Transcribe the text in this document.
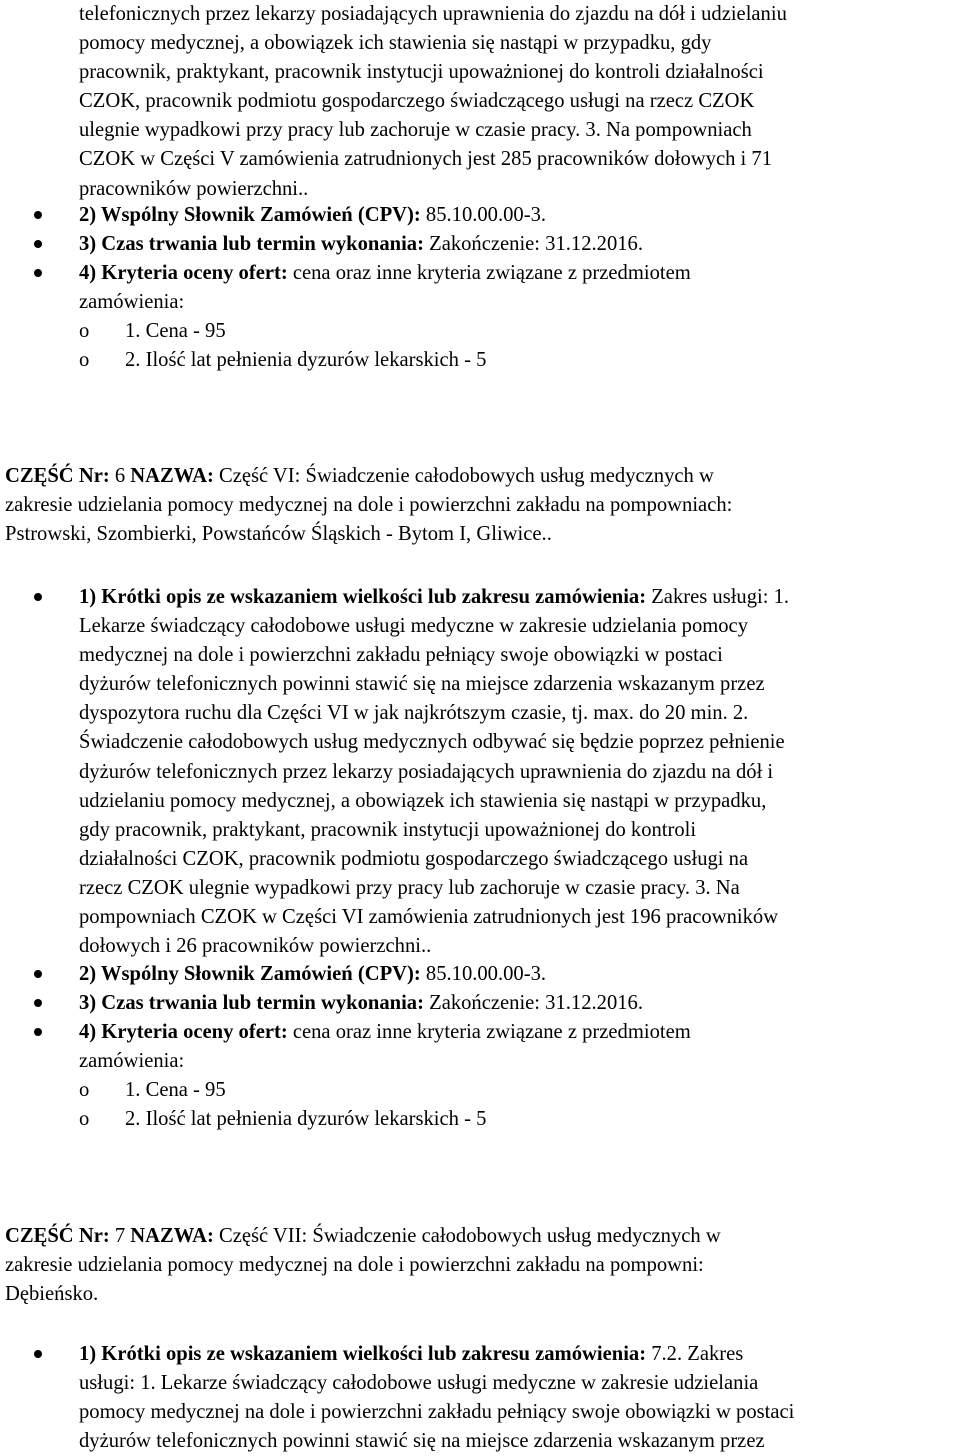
telefonicznych przez lekarzy posiadających uprawnienia do zjazdu na dół i udzielaniu
pomocy medycznej, a obowiązek ich stawienia się nastąpi w przypadku, gdy
pracownik, praktykant, pracownik instytucji upoważnionej do kontroli działalności
CZOK, pracownik podmiotu gospodarczego świadczącego usługi na rzecz CZOK
ulegnie wypadkowi przy pracy lub zachoruje w czasie pracy. 3. Na pompowniach
CZOK w Części V zamówienia zatrudnionych jest 285 pracowników dołowych i 71
pracowników powierzchni..
2) Wspólny Słownik Zamówień (CPV): 85.10.00.00-3.
3) Czas trwania lub termin wykonania: Zakończenie: 31.12.2016.
4) Kryteria oceny ofert: cena oraz inne kryteria związane z przedmiotem
zamówienia:
o 1. Cena - 95
o 2. Ilość lat pełnienia dyzurów lekarskich - 5
CZĘŚĆ Nr: 6 NAZWA: Część VI: Świadczenie całodobowych usług medycznych w
zakresie udzielania pomocy medycznej na dole i powierzchni zakładu na pompowniach:
Pstrowski, Szombierki, Powstańców Śląskich - Bytom I, Gliwice..
1) Krótki opis ze wskazaniem wielkości lub zakresu zamówienia: Zakres usługi: 1.
Lekarze świadczący całodobowe usługi medyczne w zakresie udzielania pomocy
medycznej na dole i powierzchni zakładu pełniący swoje obowiązki w postaci
dyżurów telefonicznych powinni stawić się na miejsce zdarzenia wskazanym przez
dyspozytora ruchu dla Części VI w jak najkrótszym czasie, tj. max. do 20 min. 2.
Świadczenie całodobowych usług medycznych odbywać się będzie poprzez pełnienie
dyżurów telefonicznych przez lekarzy posiadających uprawnienia do zjazdu na dół i
udzielaniu pomocy medycznej, a obowiązek ich stawienia się nastąpi w przypadku,
gdy pracownik, praktykant, pracownik instytucji upoważnionej do kontroli
działalności CZOK, pracownik podmiotu gospodarczego świadczącego usługi na
rzecz CZOK ulegnie wypadkowi przy pracy lub zachoruje w czasie pracy. 3. Na
pompowniach CZOK w Części VI zamówienia zatrudnionych jest 196 pracowników
dołowych i 26 pracowników powierzchni..
2) Wspólny Słownik Zamówień (CPV): 85.10.00.00-3.
3) Czas trwania lub termin wykonania: Zakończenie: 31.12.2016.
4) Kryteria oceny ofert: cena oraz inne kryteria związane z przedmiotem
zamówienia:
o 1. Cena - 95
o 2. Ilość lat pełnienia dyzurów lekarskich - 5
CZĘŚĆ Nr: 7 NAZWA: Część VII: Świadczenie całodobowych usług medycznych w
zakresie udzielania pomocy medycznej na dole i powierzchni zakładu na pompowni:
Dębieńsko.
1) Krótki opis ze wskazaniem wielkości lub zakresu zamówienia: 7.2. Zakres
usługi: 1. Lekarze świadczący całodobowe usługi medyczne w zakresie udzielania
pomocy medycznej na dole i powierzchni zakładu pełniący swoje obowiązki w postaci
dyżurów telefonicznych powinni stawić się na miejsce zdarzenia wskazanym przez
